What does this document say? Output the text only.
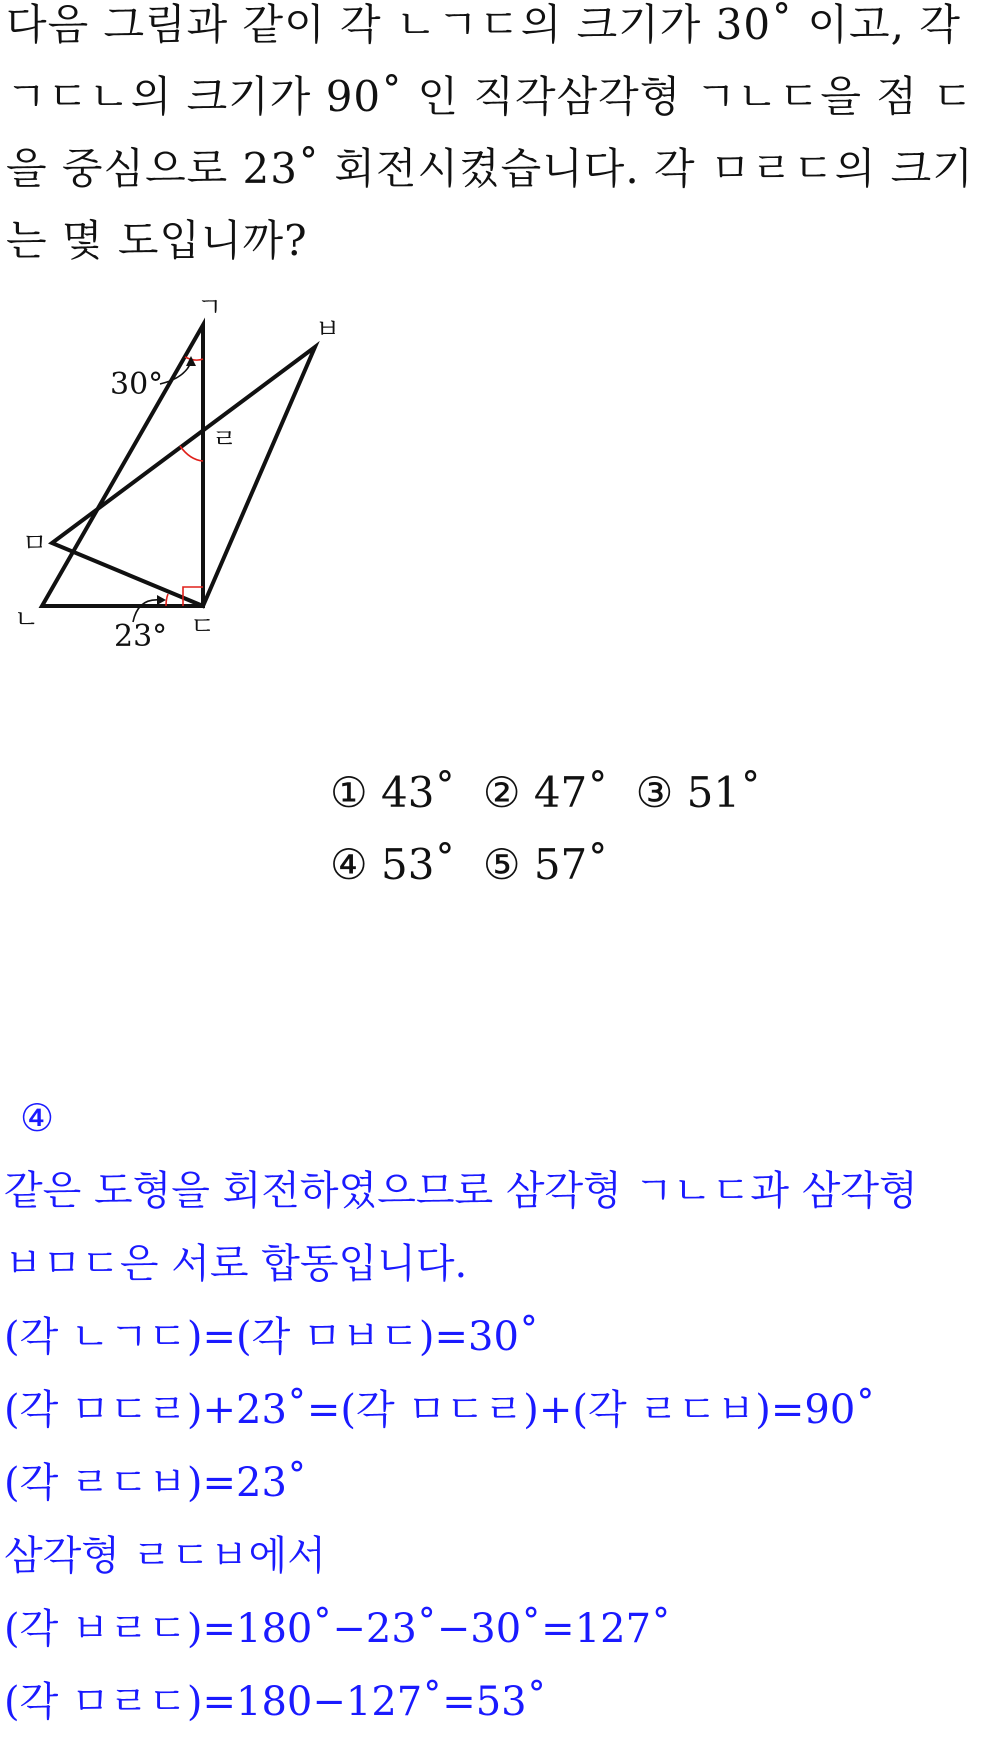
다음 그림과 같이 각 ㄴㄱㄷ의 크기가 30˚ 이고, 각
ㄱㄷㄴ의 크기가 90˚ 인 직각삼각형 ㄱㄴㄷ을 점 ㄷ
을 중심으로 23˚ 회전시켰습니다. 각 ㅁㄹㄷ의 크기
는 몇 도입니까?
ㄱ
ㅂ
ㄹ
ㅁ
ㄴ	ㄷ
30°
23°
① 43˚ ② 47˚ ③ 51˚
④ 53˚ ⑤ 57˚
④
같은 도형을 회전하였으므로 삼각형 ㄱㄴㄷ과 삼각형
ㅂㅁㄷ은 서로 합동입니다.
(각 ㄴㄱㄷ)=(각 ㅁㅂㄷ)=30˚
(각 ㅁㄷㄹ)+23˚=(각 ㅁㄷㄹ)+(각 ㄹㄷㅂ)=90˚
(각 ㄹㄷㅂ)=23˚
삼각형 ㄹㄷㅂ에서
(각 ㅂㄹㄷ)=180˚−23˚−30˚=127˚
(각 ㅁㄹㄷ)=180−127˚=53˚
